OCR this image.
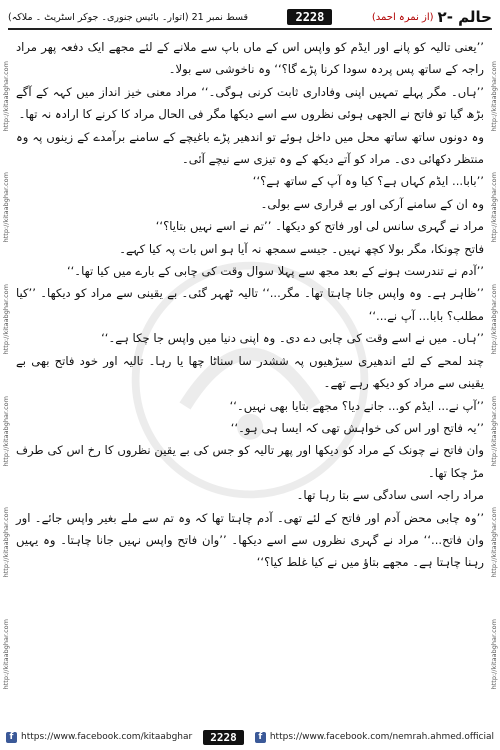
حالم -۲
(از نمرہ احمد)
2228
قسط نمبر 21 (اتوار۔ بائیس جنوری۔ جوکر اسٹریٹ ۔ ملاکہ)
http://kitaabghar.com
http://kitaabghar.com
http://kitaabghar.com
http://kitaabghar.com
http://kitaabghar.com
http://kitaabghar.com
http://kitaabghar.com
http://kitaabghar.com
http://kitaabghar.com
http://kitaabghar.com
http://kitaabghar.com
http://kitaabghar.com

’’یعنی تالیہ کو پانے اور ایڈم کو واپس اس کے ماں باپ سے ملانے کے لئے مجھے ایک دفعہ پھر مراد راجہ کے ساتھ پس پردہ سودا کرنا پڑے گا؟‘‘ وہ ناخوشی سے بولا۔

’’ہاں۔ مگر پہلے تمہیں اپنی وفاداری ثابت کرنی ہوگی۔‘‘ مراد معنی خیز انداز میں کہہ کے آگے بڑھ گیا تو فاتح نے الجھی ہوئی نظروں سے اسے دیکھا مگر فی الحال مراد کا کرنے کا ارادہ نہ تھا۔

وہ دونوں ساتھ ساتھ محل میں داخل ہوئے تو اندھیر پڑے باغیچے کے سامنے برآمدے کے زینوں پہ وہ منتظر دکھائی دی۔ مراد کو آتے دیکھ کے وہ تیزی سے نیچے آئی۔

’’بابا... ایڈم کہاں ہے؟ کیا وہ آپ کے ساتھ ہے؟‘‘

وہ ان کے سامنے آرکی اور بے قراری سے بولی۔

مراد نے گہری سانس لی اور فاتح کو دیکھا۔ ’’تم نے اسے نہیں بتایا؟‘‘

فاتح چونکا، مگر بولا کچھ نہیں۔ جیسے سمجھ نہ آیا ہو اس بات پہ کیا کہے۔

’’آدم نے تندرست ہونے کے بعد مجھ سے پہلا سوال وقت کی چابی کے بارے میں کیا تھا۔‘‘

’’ظاہر ہے۔ وہ واپس جانا چاہتا تھا۔ مگر...‘‘ تالیہ ٹھہر گئی۔ بے یقینی سے مراد کو دیکھا۔ ’’کیا مطلب؟ بابا... آپ نے...‘‘

’’ہاں۔ میں نے اسے وقت کی چابی دے دی۔ وہ اپنی دنیا میں واپس جا چکا ہے۔‘‘

چند لمحے کے لئے اندھیری سیڑھیوں پہ ششدر سا سناٹا چھا یا رہا۔ تالیہ اور خود فاتح بھی بے یقینی سے مراد کو دیکھ رہے تھے۔

’’آپ نے... ایڈم کو... جانے دیا؟ مجھے بتایا بھی نہیں۔‘‘

’’یہ فاتح اور اس کی خواہش تھی کہ ایسا ہی ہو۔‘‘

وان فاتح نے چونک کے مراد کو دیکھا اور پھر تالیہ کو جس کی بے یقین نظروں کا رخ اس کی طرف مڑ چکا تھا۔

مراد راجہ اسی سادگی سے بتا رہا تھا۔

’’وہ چابی محض آدم اور فاتح کے لئے تھی۔ آدم چاہتا تھا کہ وہ تم سے ملے بغیر واپس جائے۔ اور وان فاتح...‘‘ مراد نے گہری نظروں سے اسے دیکھا۔ ’’وان فاتح واپس نہیں جانا چاہتا۔ وہ یہیں رہنا چاہتا ہے۔ مجھے بتاؤ میں نے کیا غلط کیا؟‘‘

f https://www.facebook.com/kitaabghar	2228	f https://www.facebook.com/nemrah.ahmed.official
